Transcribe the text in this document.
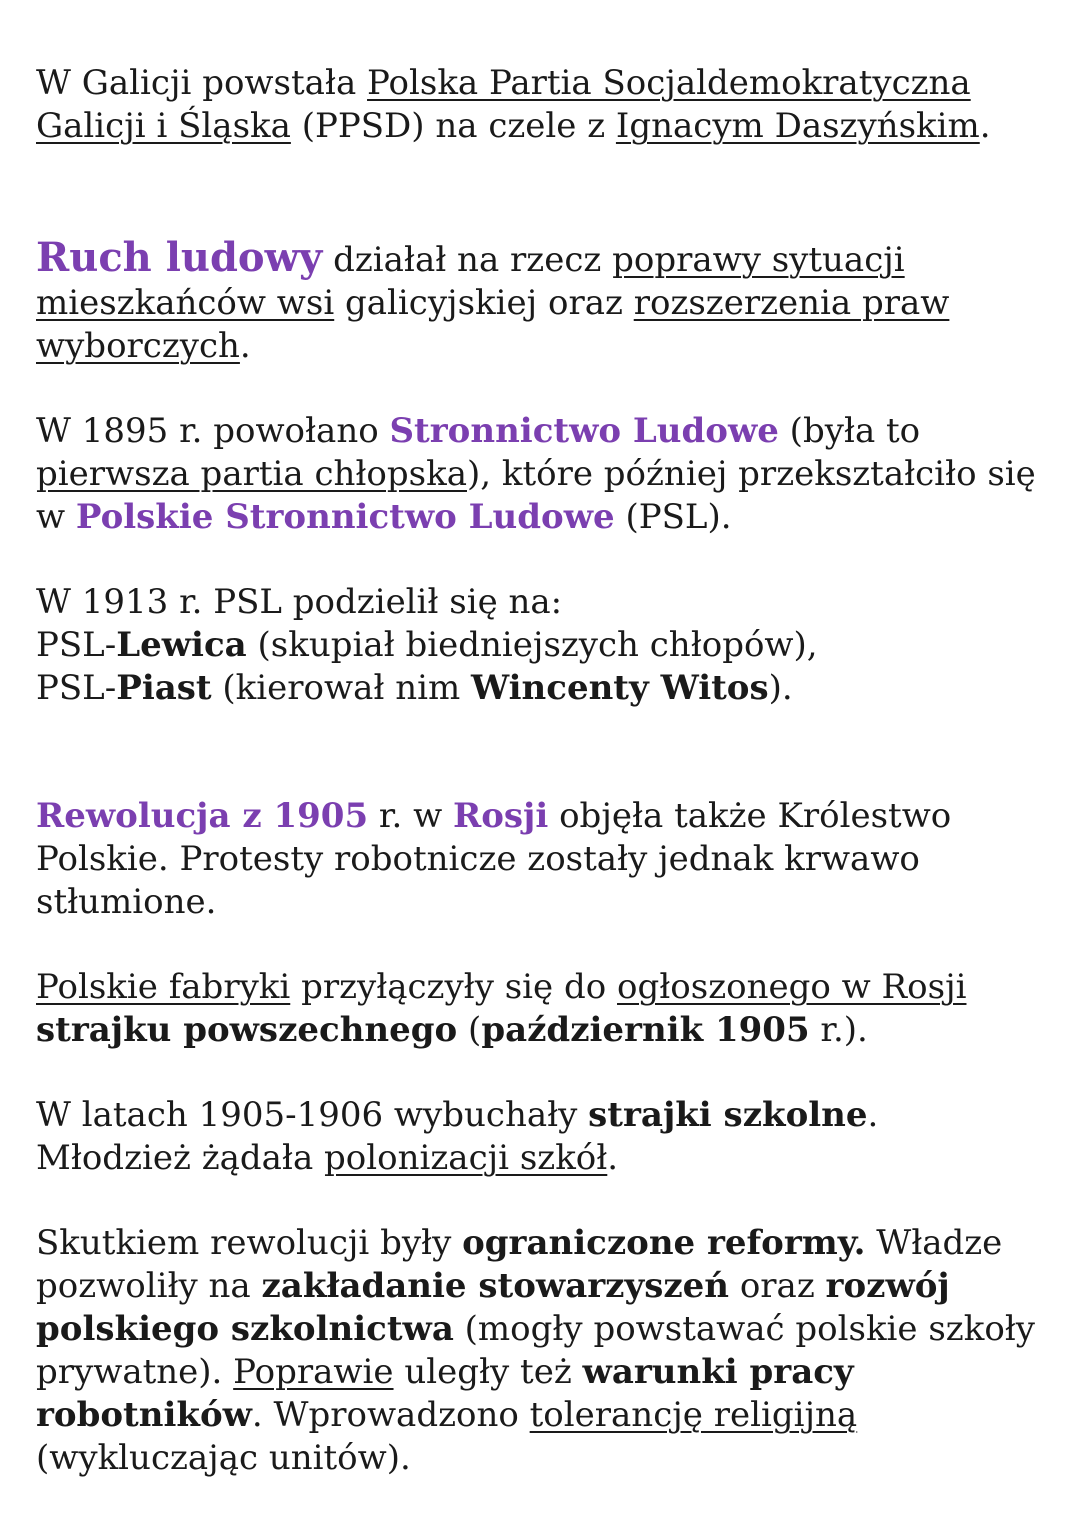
W Galicji powstała Polska Partia Socjaldemokratyczna Galicji i Śląska (PPSD) na czele z Ignacym Daszyńskim.

Ruch ludowy działał na rzecz poprawy sytuacji mieszkańców wsi galicyjskiej oraz rozszerzenia praw wyborczych.

W 1895 r. powołano Stronnictwo Ludowe (była to pierwsza partia chłopska), które później przekształciło się w Polskie Stronnictwo Ludowe (PSL).

W 1913 r. PSL podzielił się na:
PSL-Lewica (skupiał biedniejszych chłopów),
PSL-Piast (kierował nim Wincenty Witos).

Rewolucja z 1905 r. w Rosji objęła także Królestwo Polskie. Protesty robotnicze zostały jednak krwawo stłumione.

Polskie fabryki przyłączyły się do ogłoszonego w Rosji strajku powszechnego (październik 1905 r.).

W latach 1905-1906 wybuchały strajki szkolne.
Młodzież żądała polonizacji szkół.

Skutkiem rewolucji były ograniczone reformy. Władze pozwoliły na zakładanie stowarzyszeń oraz rozwój polskiego szkolnictwa (mogły powstawać polskie szkoły prywatne). Poprawie uległy też warunki pracy robotników. Wprowadzono tolerancję religijną (wykluczając unitów).
